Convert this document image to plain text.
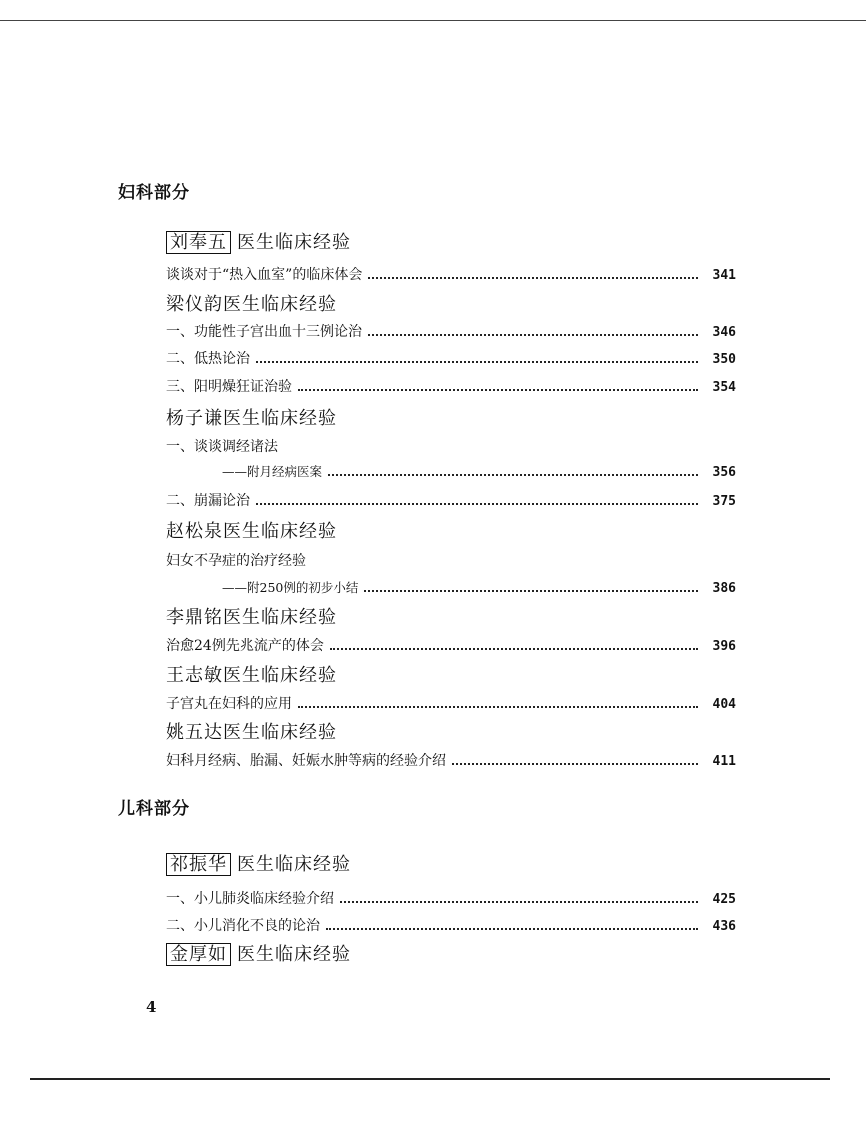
妇科部分
刘奉五 医生临床经验
谈谈对于“热入血室”的临床体会	341
梁仪韵医生临床经验
一、功能性子宫出血十三例论治	346
二、低热论治	350
三、阳明燥狂证治验	354
杨子谦医生临床经验
一、谈谈调经诸法
——附月经病医案	356
二、崩漏论治	375
赵松泉医生临床经验
妇女不孕症的治疗经验
——附250例的初步小结	386
李鼎铭医生临床经验
治愈24例先兆流产的体会	396
王志敏医生临床经验
子宫丸在妇科的应用	404
姚五达医生临床经验
妇科月经病、胎漏、妊娠水肿等病的经验介绍	411
儿科部分
祁振华 医生临床经验
一、小儿肺炎临床经验介绍	425
二、小儿消化不良的论治	436
金厚如 医生临床经验
4
